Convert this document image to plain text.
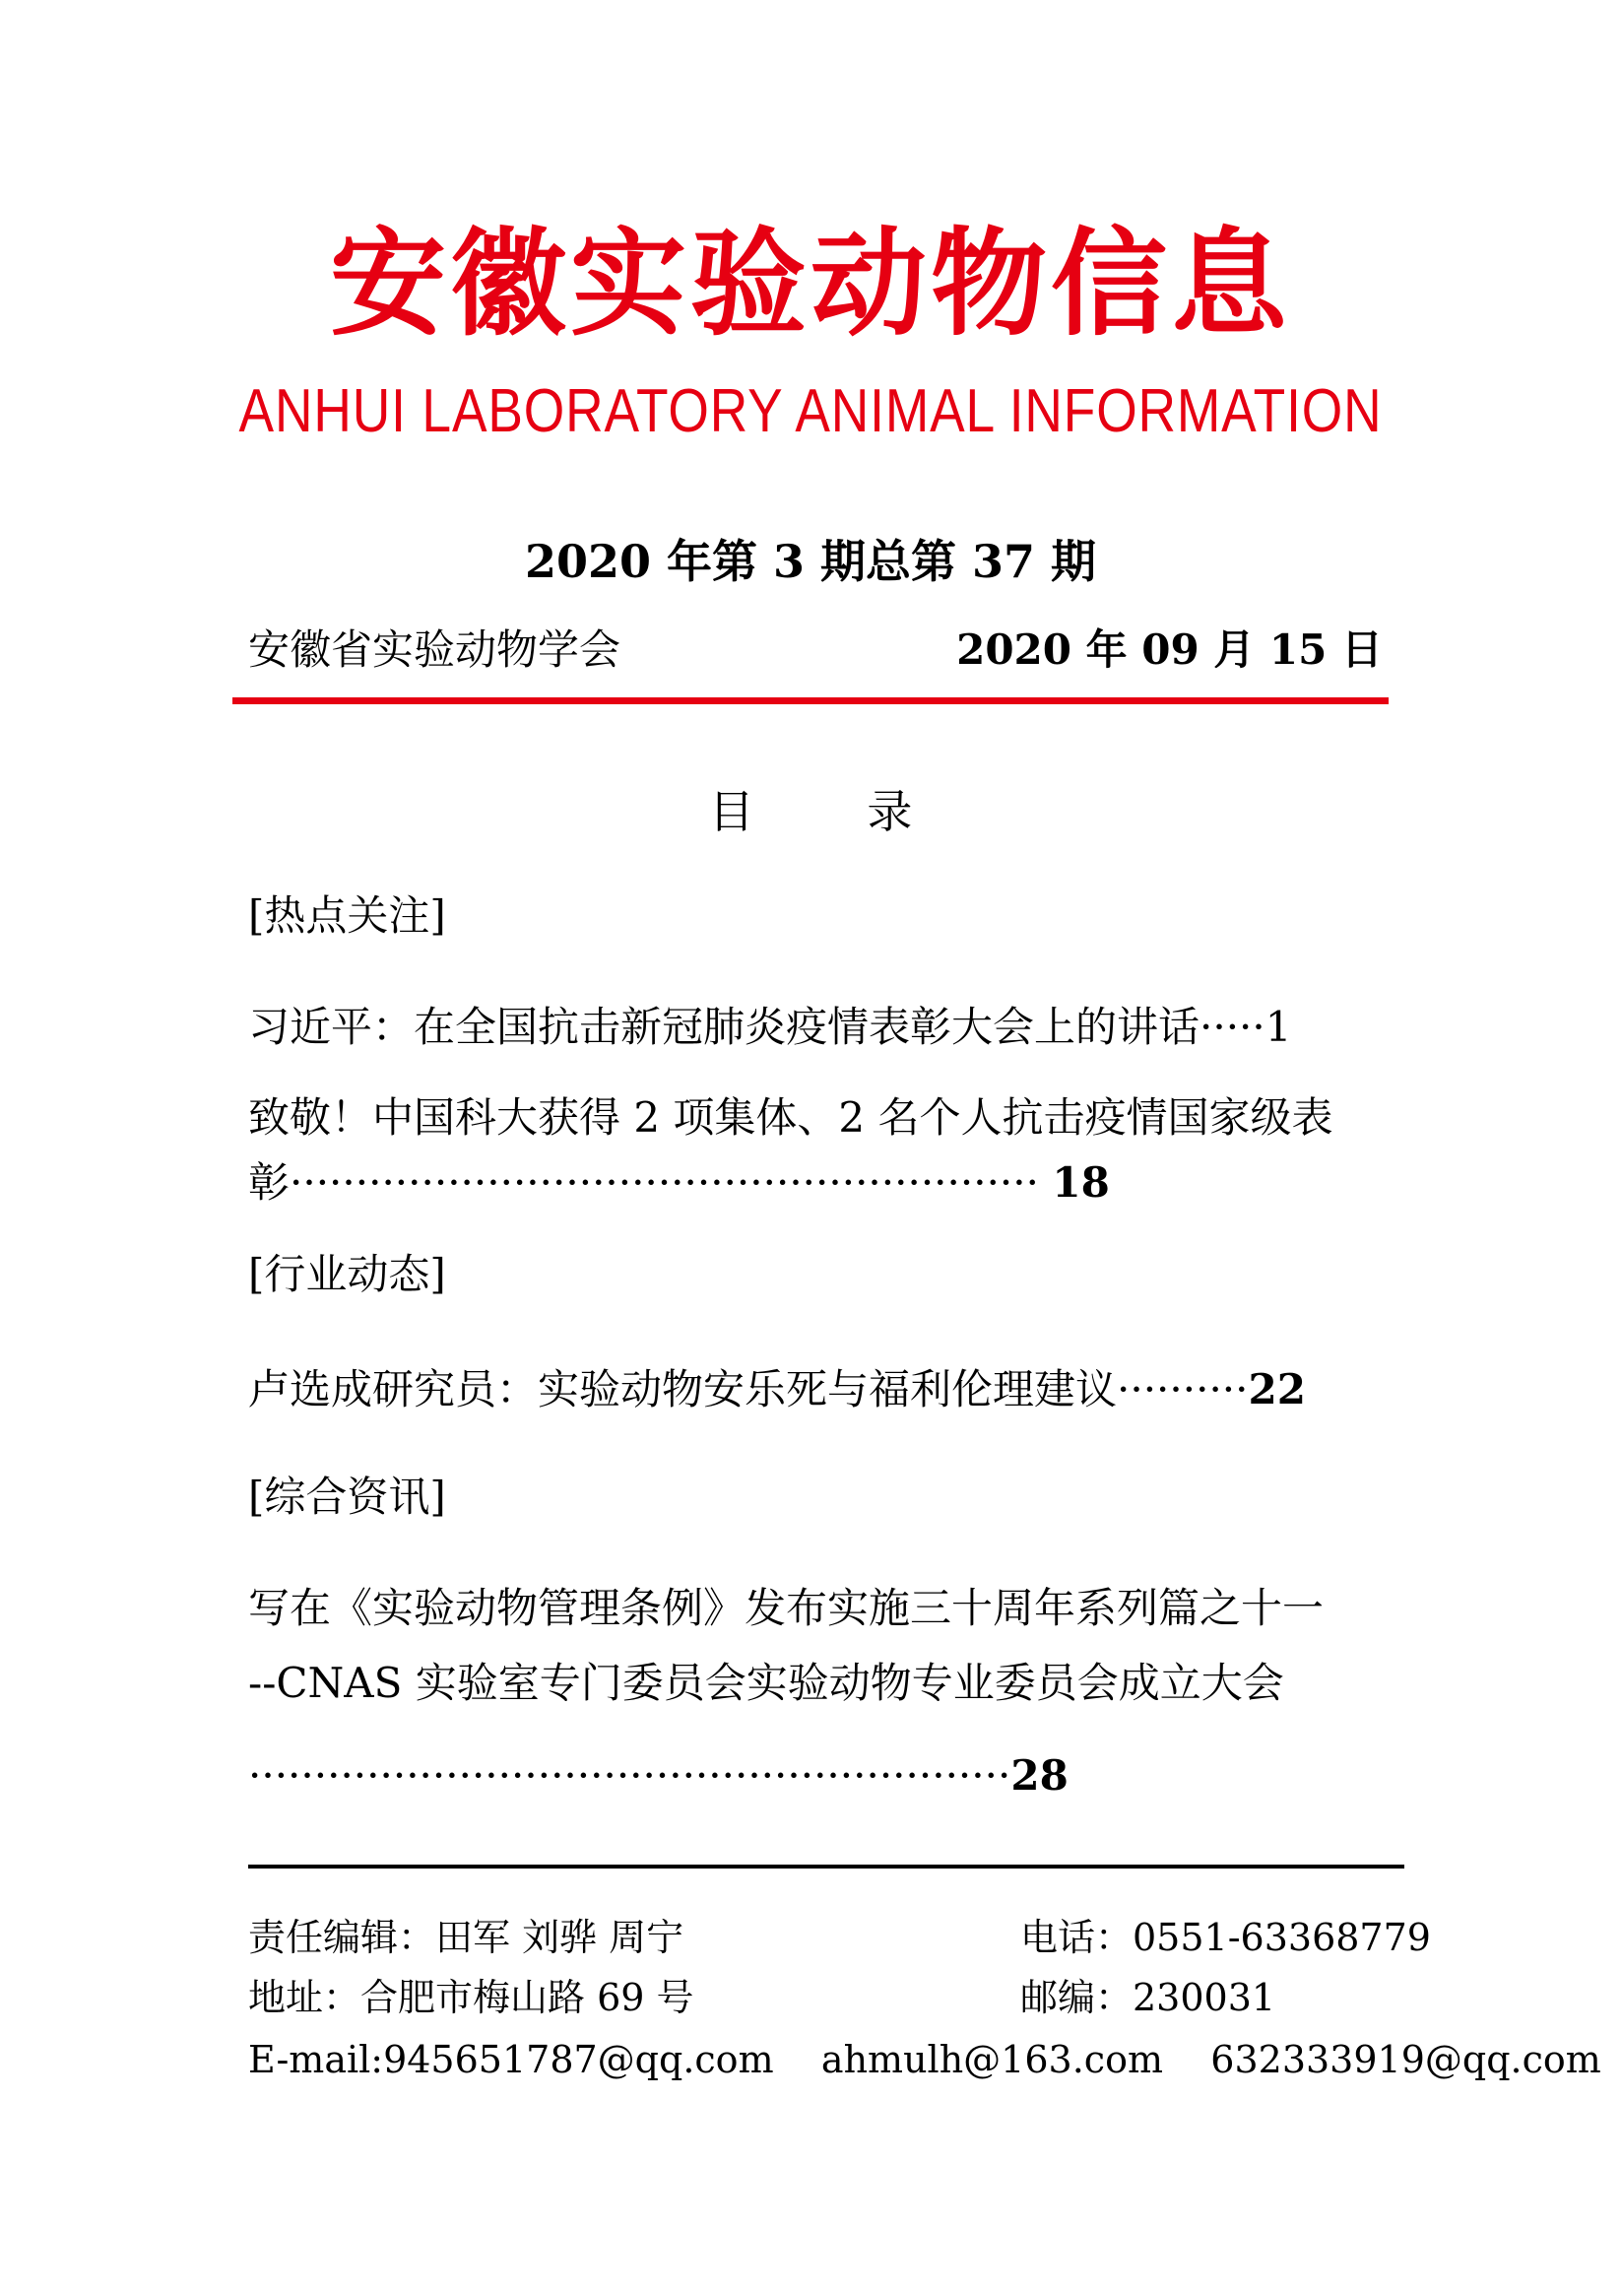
安徽实验动物信息
ANHUI LABORATORY ANIMAL INFORMATION
2020 年第 3 期总第 37 期
安徽省实验动物学会	2020 年 09 月 15 日
目 录
[热点关注]
习近平：在全国抗击新冠肺炎疫情表彰大会上的讲话·····1
致敬！中国科大获得 2 项集体、2 名个人抗击疫情国家级表
彰························································· 18
[行业动态]
卢选成研究员：实验动物安乐死与福利伦理建议··········22
[综合资讯]
写在《实验动物管理条例》发布实施三十周年系列篇之十一
--CNAS 实验室专门委员会实验动物专业委员会成立大会
··························································28
责任编辑：田军 刘骅 周宁	电话：0551-63368779
地址：合肥市梅山路 69 号	邮编：230031
E-mail:945651787@qq.com    ahmulh@163.com    632333919@qq.com
